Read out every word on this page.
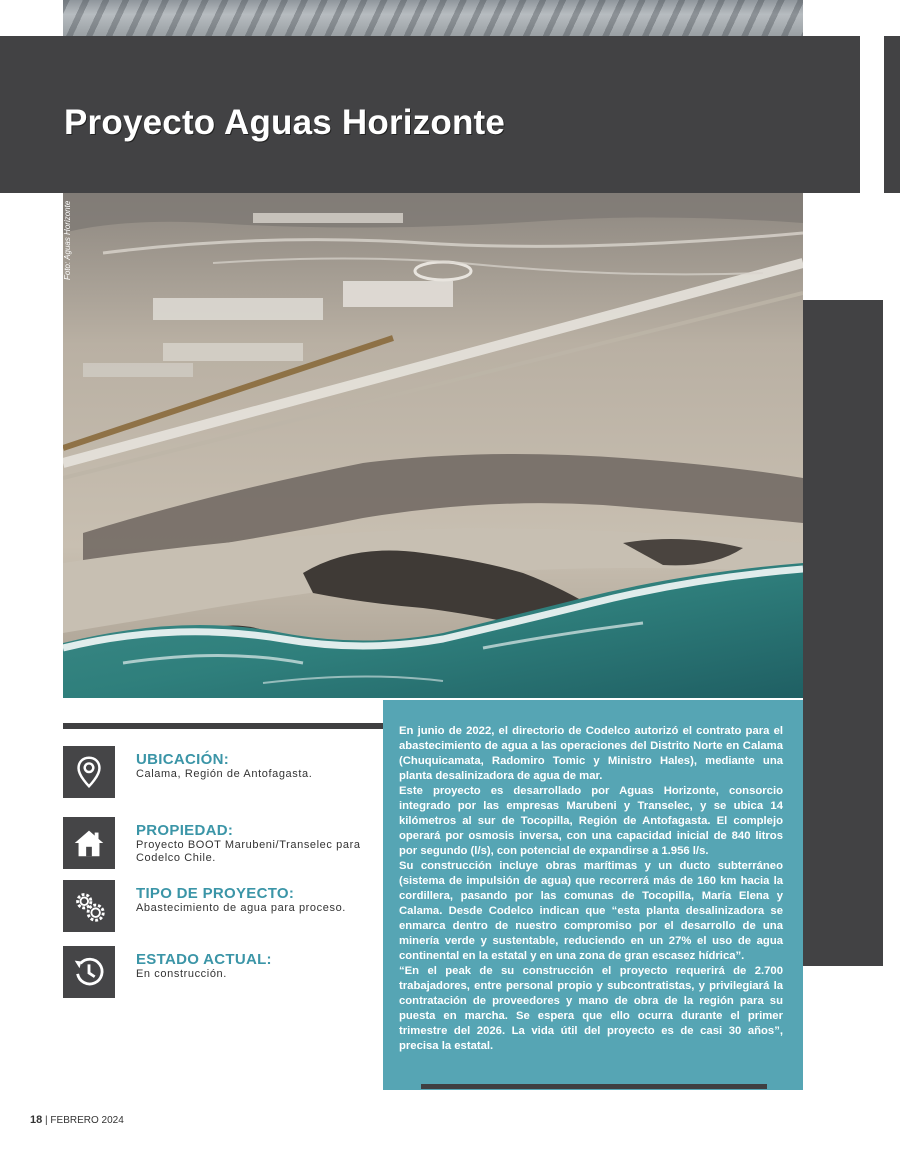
Proyecto Aguas Horizonte
Foto: Aguas Horizonte

UBICACIÓN:

Calama, Región de Antofagasta.

PROPIEDAD:

Proyecto BOOT Marubeni/Transelec para Codelco Chile.

TIPO DE PROYECTO:

Abastecimiento de agua para proceso.

ESTADO ACTUAL:

En construcción.

En junio de 2022, el directorio de Codelco autorizó el contrato para el abastecimiento de agua a las operaciones del Distrito Norte en Calama (Chuquicamata, Radomiro Tomic y Ministro Hales), mediante una planta desalinizadora de agua de mar.

Este proyecto es desarrollado por Aguas Horizonte, consorcio integrado por las empresas Marubeni y Transelec, y se ubica 14 kilómetros al sur de Tocopilla, Región de Antofagasta. El complejo operará por osmosis inversa, con una capacidad inicial de 840 litros por segundo (l/s), con potencial de expandirse a 1.956 l/s.

Su construcción incluye obras marítimas y un ducto subterráneo (sistema de impulsión de agua) que recorrerá más de 160 km hacia la cordillera, pasando por las comunas de Tocopilla, María Elena y Calama. Desde Codelco indican que “esta planta desalinizadora se enmarca dentro de nuestro compromiso por el desarrollo de una minería verde y sustentable, reduciendo en un 27% el uso de agua continental en la estatal y en una zona de gran escasez hídrica”.

“En el peak de su construcción el proyecto requerirá de 2.700 trabajadores, entre personal propio y subcontratistas, y privilegiará la contratación de proveedores y mano de obra de la región para su puesta en marcha. Se espera que ello ocurra durante el primer trimestre del 2026. La vida útil del proyecto es de casi 30 años”, precisa la estatal.

18 | FEBRERO 2024
